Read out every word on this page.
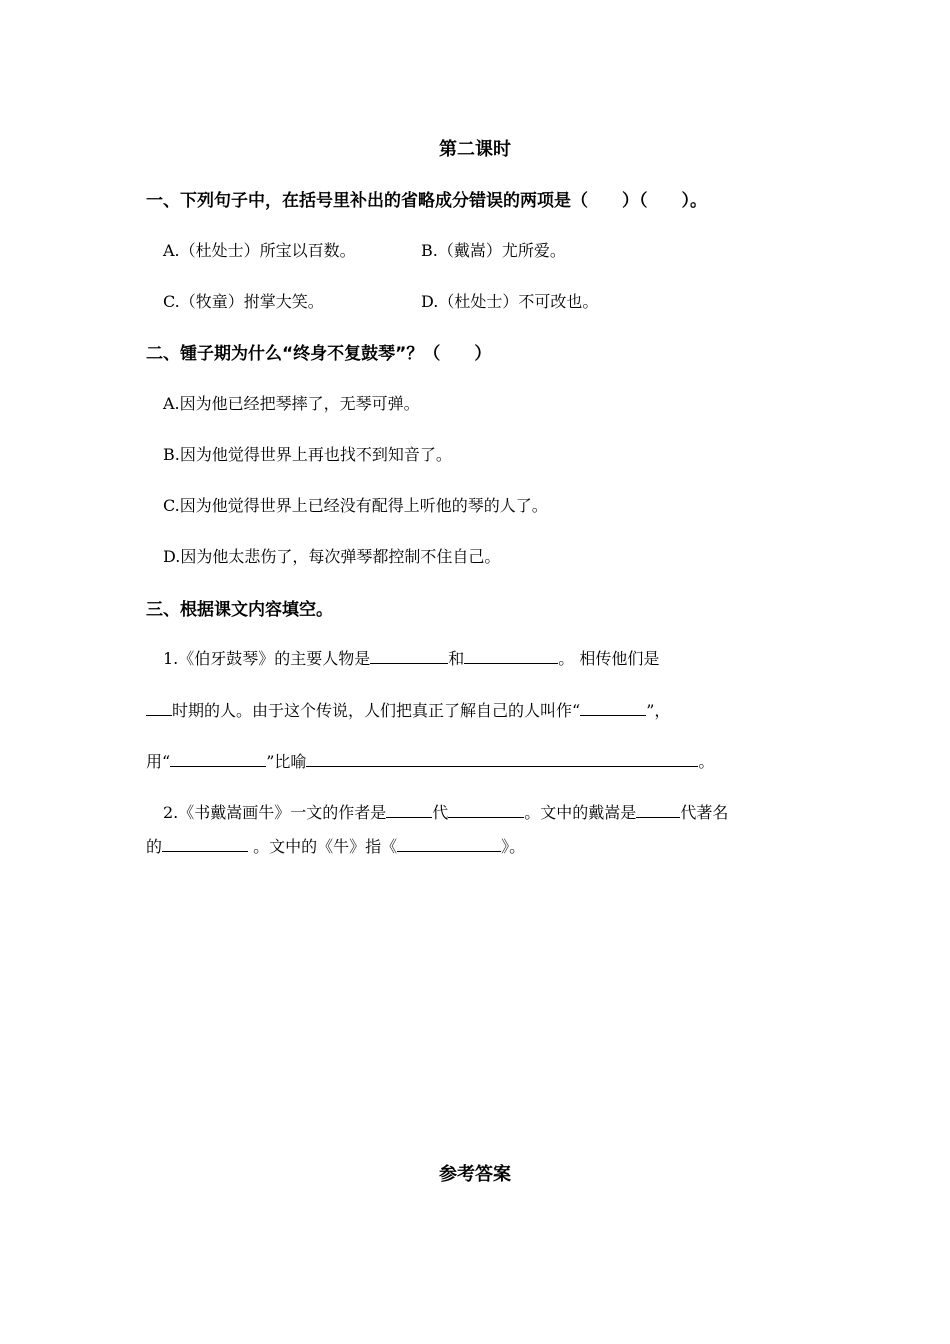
第二课时
一、下列句子中，在括号里补出的省略成分错误的两项是（　　）（　　）。
A.（杜处士）所宝以百数。	B.（戴嵩）尤所爱。
C.（牧童）拊掌大笑。	D.（杜处士）不可改也。
二、锺子期为什么“终身不复鼓琴”？（　　）
A.因为他已经把琴摔了，无琴可弹。
B.因为他觉得世界上再也找不到知音了。
C.因为他觉得世界上已经没有配得上听他的琴的人了。
D.因为他太悲伤了，每次弹琴都控制不住自己。
三、根据课文内容填空。
1.《伯牙鼓琴》的主要人物是	和	。 相传他们是
时期的人。由于这个传说，人们把真正了解自己的人叫作“	”，
用“	”比喻	。
2.《书戴嵩画牛》一文的作者是	代	。文中的戴嵩是	代著名
的	。文中的《牛》指《	》。
参考答案
